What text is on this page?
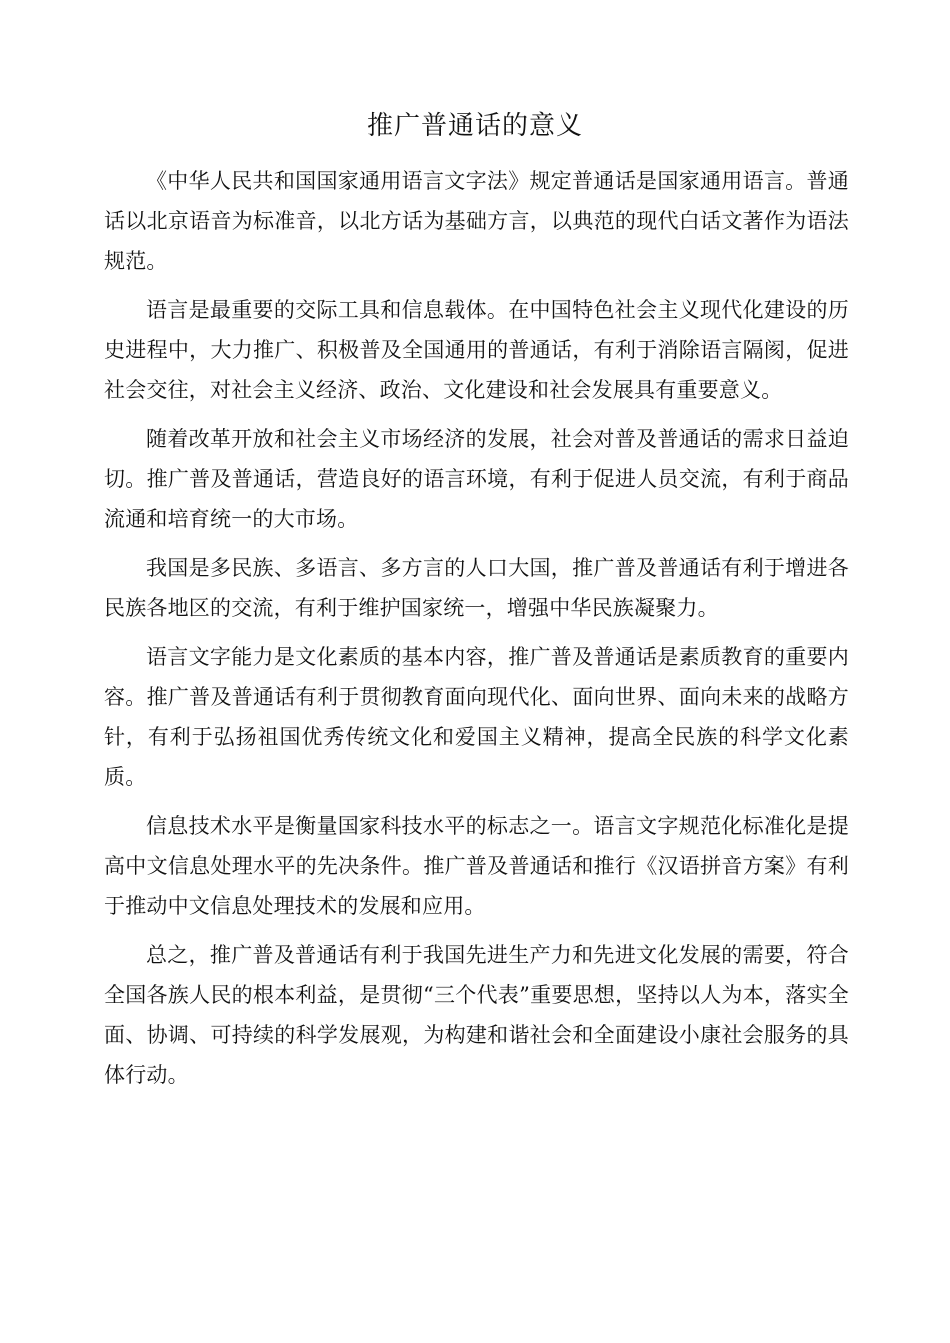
推广普通话的意义

《中华人民共和国国家通用语言文字法》规定普通话是国家通用语言。普通话以北京语音为标准音，以北方话为基础方言，以典范的现代白话文著作为语法规范。

语言是最重要的交际工具和信息载体。在中国特色社会主义现代化建设的历史进程中，大力推广、积极普及全国通用的普通话，有利于消除语言隔阂，促进社会交往，对社会主义经济、政治、文化建设和社会发展具有重要意义。

随着改革开放和社会主义市场经济的发展，社会对普及普通话的需求日益迫切。推广普及普通话，营造良好的语言环境，有利于促进人员交流，有利于商品流通和培育统一的大市场。

我国是多民族、多语言、多方言的人口大国，推广普及普通话有利于增进各民族各地区的交流，有利于维护国家统一，增强中华民族凝聚力。

语言文字能力是文化素质的基本内容，推广普及普通话是素质教育的重要内容。推广普及普通话有利于贯彻教育面向现代化、面向世界、面向未来的战略方针，有利于弘扬祖国优秀传统文化和爱国主义精神，提高全民族的科学文化素质。

信息技术水平是衡量国家科技水平的标志之一。语言文字规范化标准化是提高中文信息处理水平的先决条件。推广普及普通话和推行《汉语拼音方案》有利于推动中文信息处理技术的发展和应用。

总之，推广普及普通话有利于我国先进生产力和先进文化发展的需要，符合全国各族人民的根本利益，是贯彻“三个代表”重要思想，坚持以人为本，落实全面、协调、可持续的科学发展观，为构建和谐社会和全面建设小康社会服务的具体行动。
